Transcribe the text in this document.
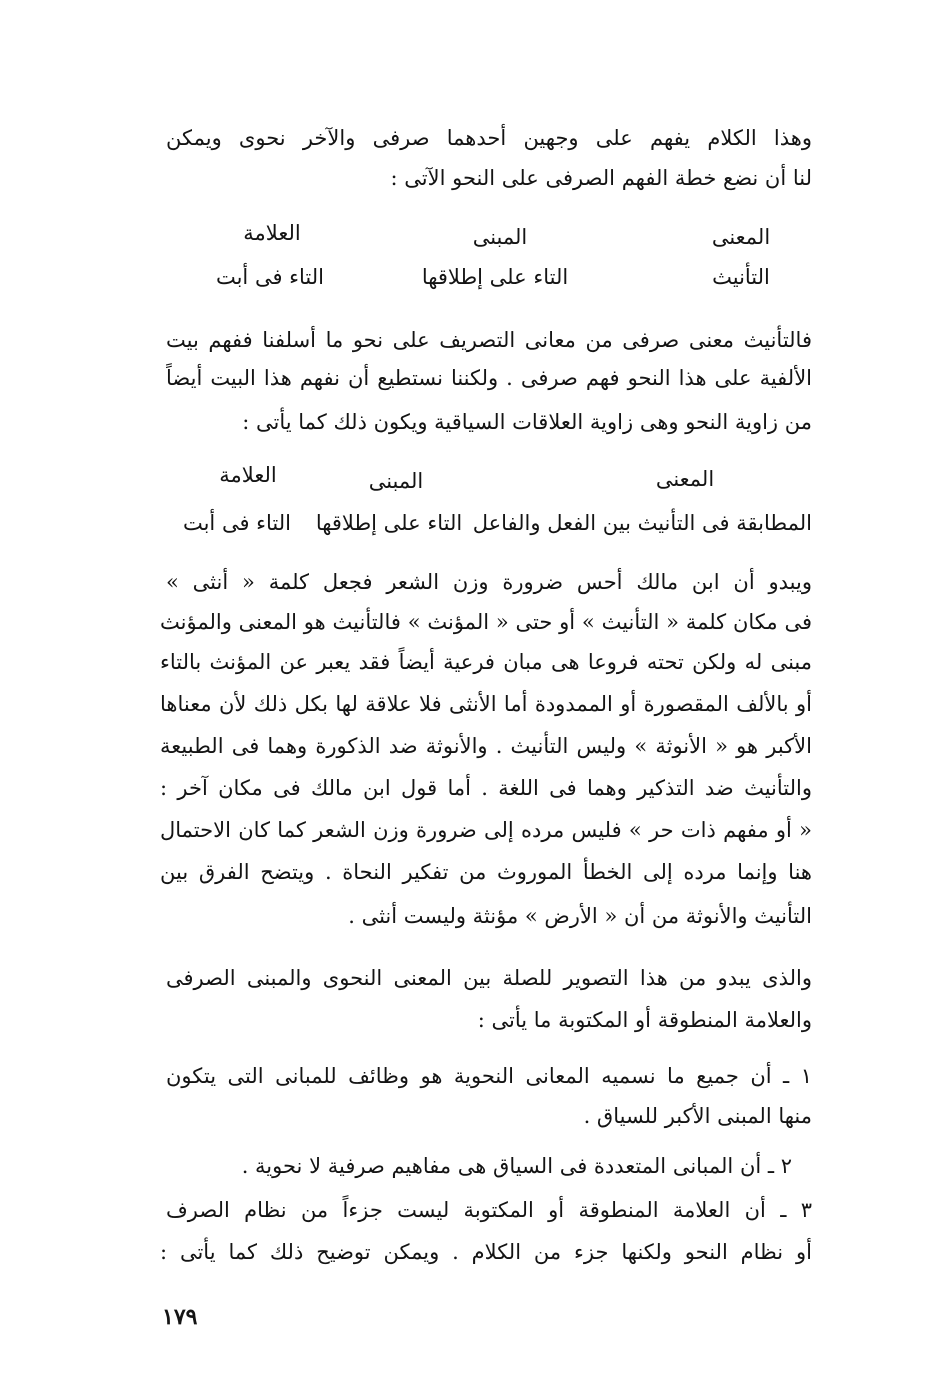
وهذا الكلام يفهم على وجهين أحدهما صرفى والآخر نحوى ويمكن
لنا أن نضع خطة الفهم الصرفى على النحو الآتى :
المعنى
المبنى
العلامة
التأنيث
التاء على إطلاقها
التاء فى أبت
فالتأنيث معنى صرفى من معانى التصريف على نحو ما أسلفنا ففهم بيت
الألفية على هذا النحو فهم صرفى . ولكننا نستطيع أن نفهم هذا البيت أيضاً
من زاوية النحو وهى زاوية العلاقات السياقية ويكون ذلك كما يأتى :
المعنى
المبنى
العلامة
المطابقة فى التأنيث بين الفعل والفاعل
التاء على إطلاقها
التاء فى أبت
ويبدو أن ابن مالك أحس ضرورة وزن الشعر فجعل كلمة « أنثى »
فى مكان كلمة « التأنيث » أو حتى « المؤنث » فالتأنيث هو المعنى والمؤنث
مبنى له ولكن تحته فروعا هى مبان فرعية أيضاً فقد يعبر عن المؤنث بالتاء
أو بالألف المقصورة أو الممدودة أما الأنثى فلا علاقة لها بكل ذلك لأن معناها
الأكبر هو « الأنوثة » وليس التأنيث . والأنوثة ضد الذكورة وهما فى الطبيعة
والتأنيث ضد التذكير وهما فى اللغة . أما قول ابن مالك فى مكان آخر :
« أو مفهم ذات حر » فليس مرده إلى ضرورة وزن الشعر كما كان الاحتمال
هنا وإنما مرده إلى الخطأ الموروث من تفكير النحاة . ويتضح الفرق بين
التأنيث والأنوثة من أن « الأرض » مؤنثة وليست أنثى .
والذى يبدو من هذا التصوير للصلة بين المعنى النحوى والمبنى الصرفى
والعلامة المنطوقة أو المكتوبة ما يأتى :
١ ـ أن جميع ما نسميه المعانى النحوية هو وظائف للمبانى التى يتكون
منها المبنى الأكبر للسياق .
٢ ـ أن المبانى المتعددة فى السياق هى مفاهيم صرفية لا نحوية .
٣ ـ أن العلامة المنطوقة أو المكتوبة ليست جزءاً من نظام الصرف
أو نظام النحو ولكنها جزء من الكلام . ويمكن توضيح ذلك كما يأتى :
١٧٩
